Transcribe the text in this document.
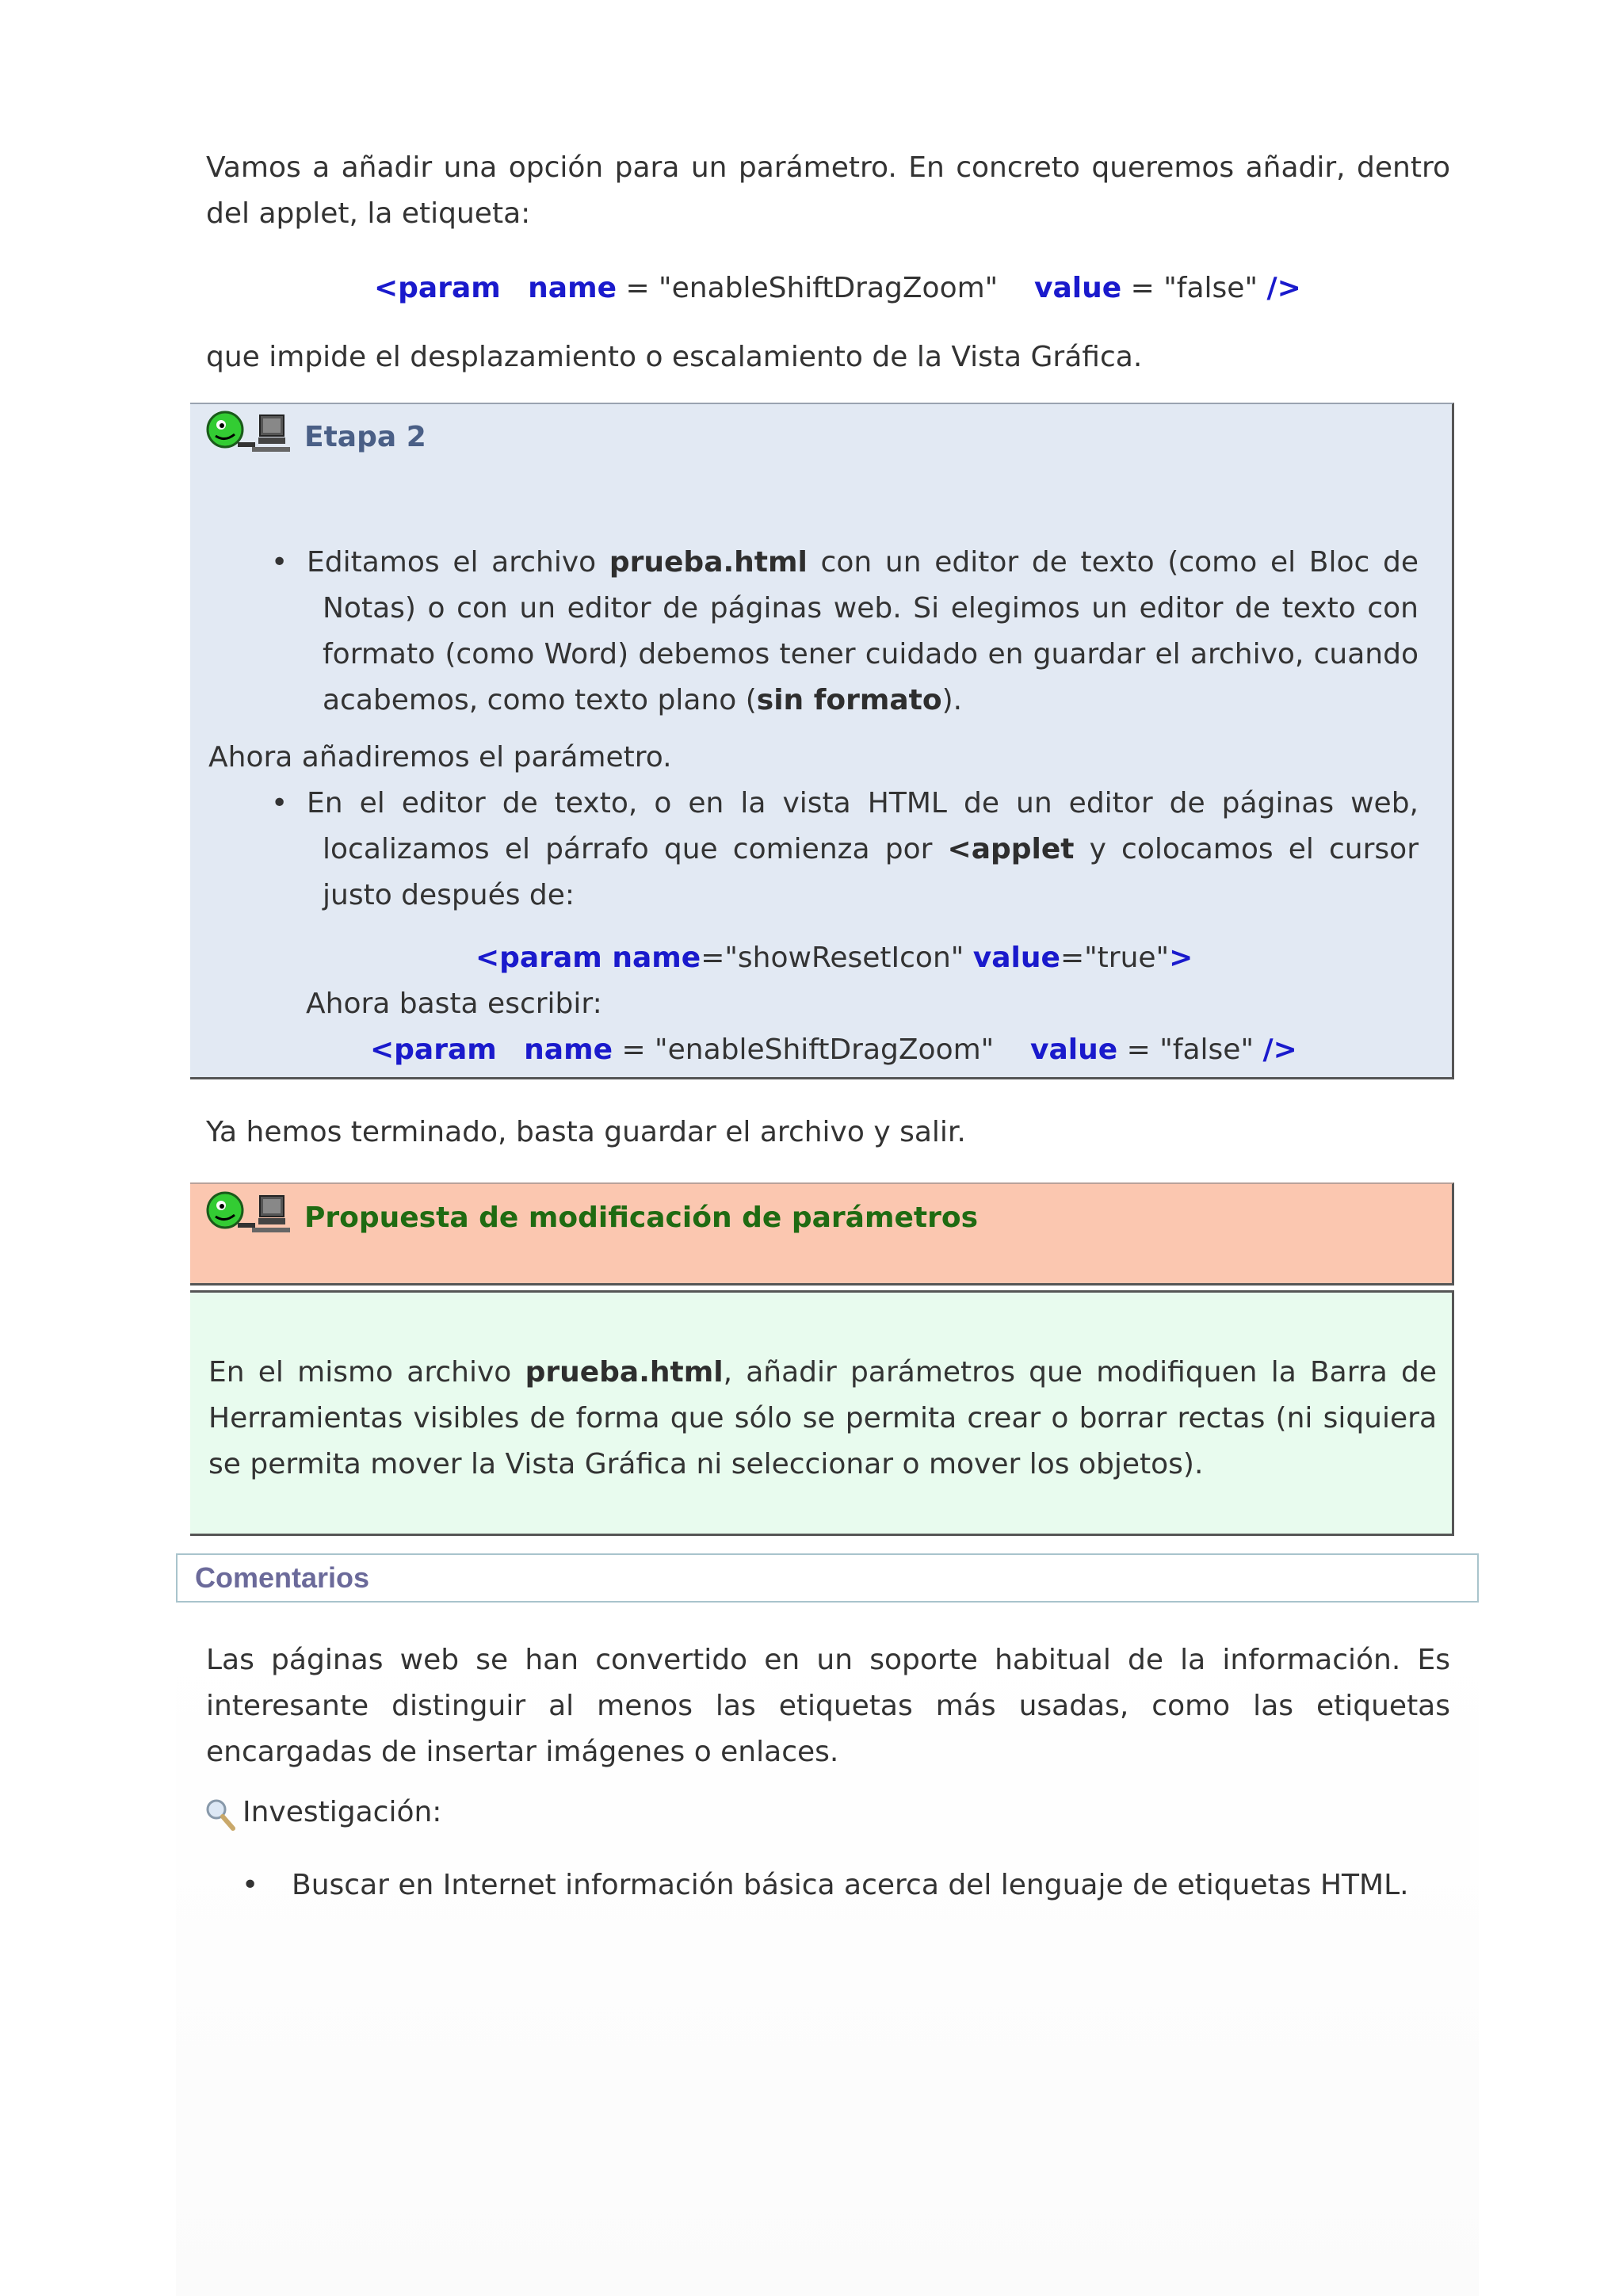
Vamos a añadir una opción para un parámetro. En concreto queremos añadir, dentro del applet, la etiqueta:

<param name = "enableShiftDragZoom" value = "false" />

que impide el desplazamiento o escalamiento de la Vista Gráfica.

Etapa 2
• Editamos el archivo prueba.html con un editor de texto (como el Bloc de Notas) o con un editor de páginas web. Si elegimos un editor de texto con formato (como Word) debemos tener cuidado en guardar el archivo, cuando acabemos, como texto plano (sin formato).

Ahora añadiremos el parámetro.

• En el editor de texto, o en la vista HTML de un editor de páginas web, localizamos el párrafo que comienza por <applet y colocamos el cursor justo después de:

<param name="showResetIcon" value="true">

Ahora basta escribir:

<param name = "enableShiftDragZoom" value = "false" />

Ya hemos terminado, basta guardar el archivo y salir.

Propuesta de modificación de parámetros

En el mismo archivo prueba.html, añadir parámetros que modifiquen la Barra de Herramientas visibles de forma que sólo se permita crear o borrar rectas (ni siquiera se permita mover la Vista Gráfica ni seleccionar o mover los objetos).

Comentarios

Las páginas web se han convertido en un soporte habitual de la información. Es interesante distinguir al menos las etiquetas más usadas, como las etiquetas encargadas de insertar imágenes o enlaces.

Investigación:

• Buscar en Internet información básica acerca del lenguaje de etiquetas HTML.
